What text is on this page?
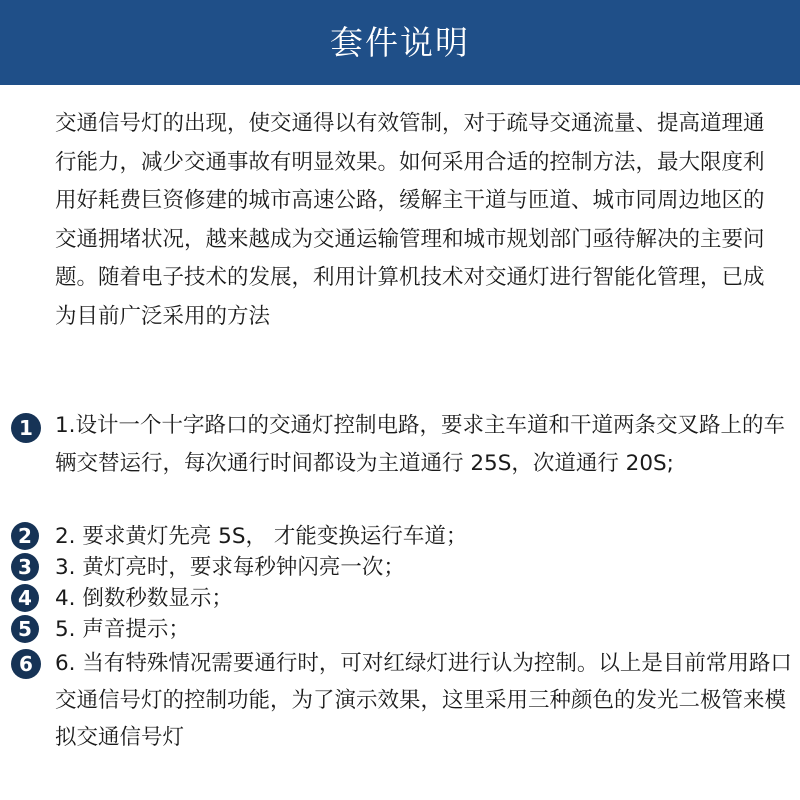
套件说明

交通信号灯的出现，使交通得以有效管制，对于疏导交通流量、提高道理通行能力，减少交通事故有明显效果。如何采用合适的控制方法，最大限度利用好耗费巨资修建的城市高速公路，缓解主干道与匝道、城市同周边地区的交通拥堵状况，越来越成为交通运输管理和城市规划部门亟待解决的主要问题。随着电子技术的发展，利用计算机技术对交通灯进行智能化管理，已成为目前广泛采用的方法

1	1.设计一个十字路口的交通灯控制电路，要求主车道和干道两条交叉路上的车辆交替运行，每次通行时间都设为主道通行 25S，次道通行 20S;
2	2. 要求黄灯先亮 5S， 才能变换运行车道；
3	3. 黄灯亮时，要求每秒钟闪亮一次；
4	4. 倒数秒数显示；
5	5. 声音提示；
6	6. 当有特殊情况需要通行时，可对红绿灯进行认为控制。以上是目前常用路口交通信号灯的控制功能，为了演示效果，这里采用三种颜色的发光二极管来模拟交通信号灯
